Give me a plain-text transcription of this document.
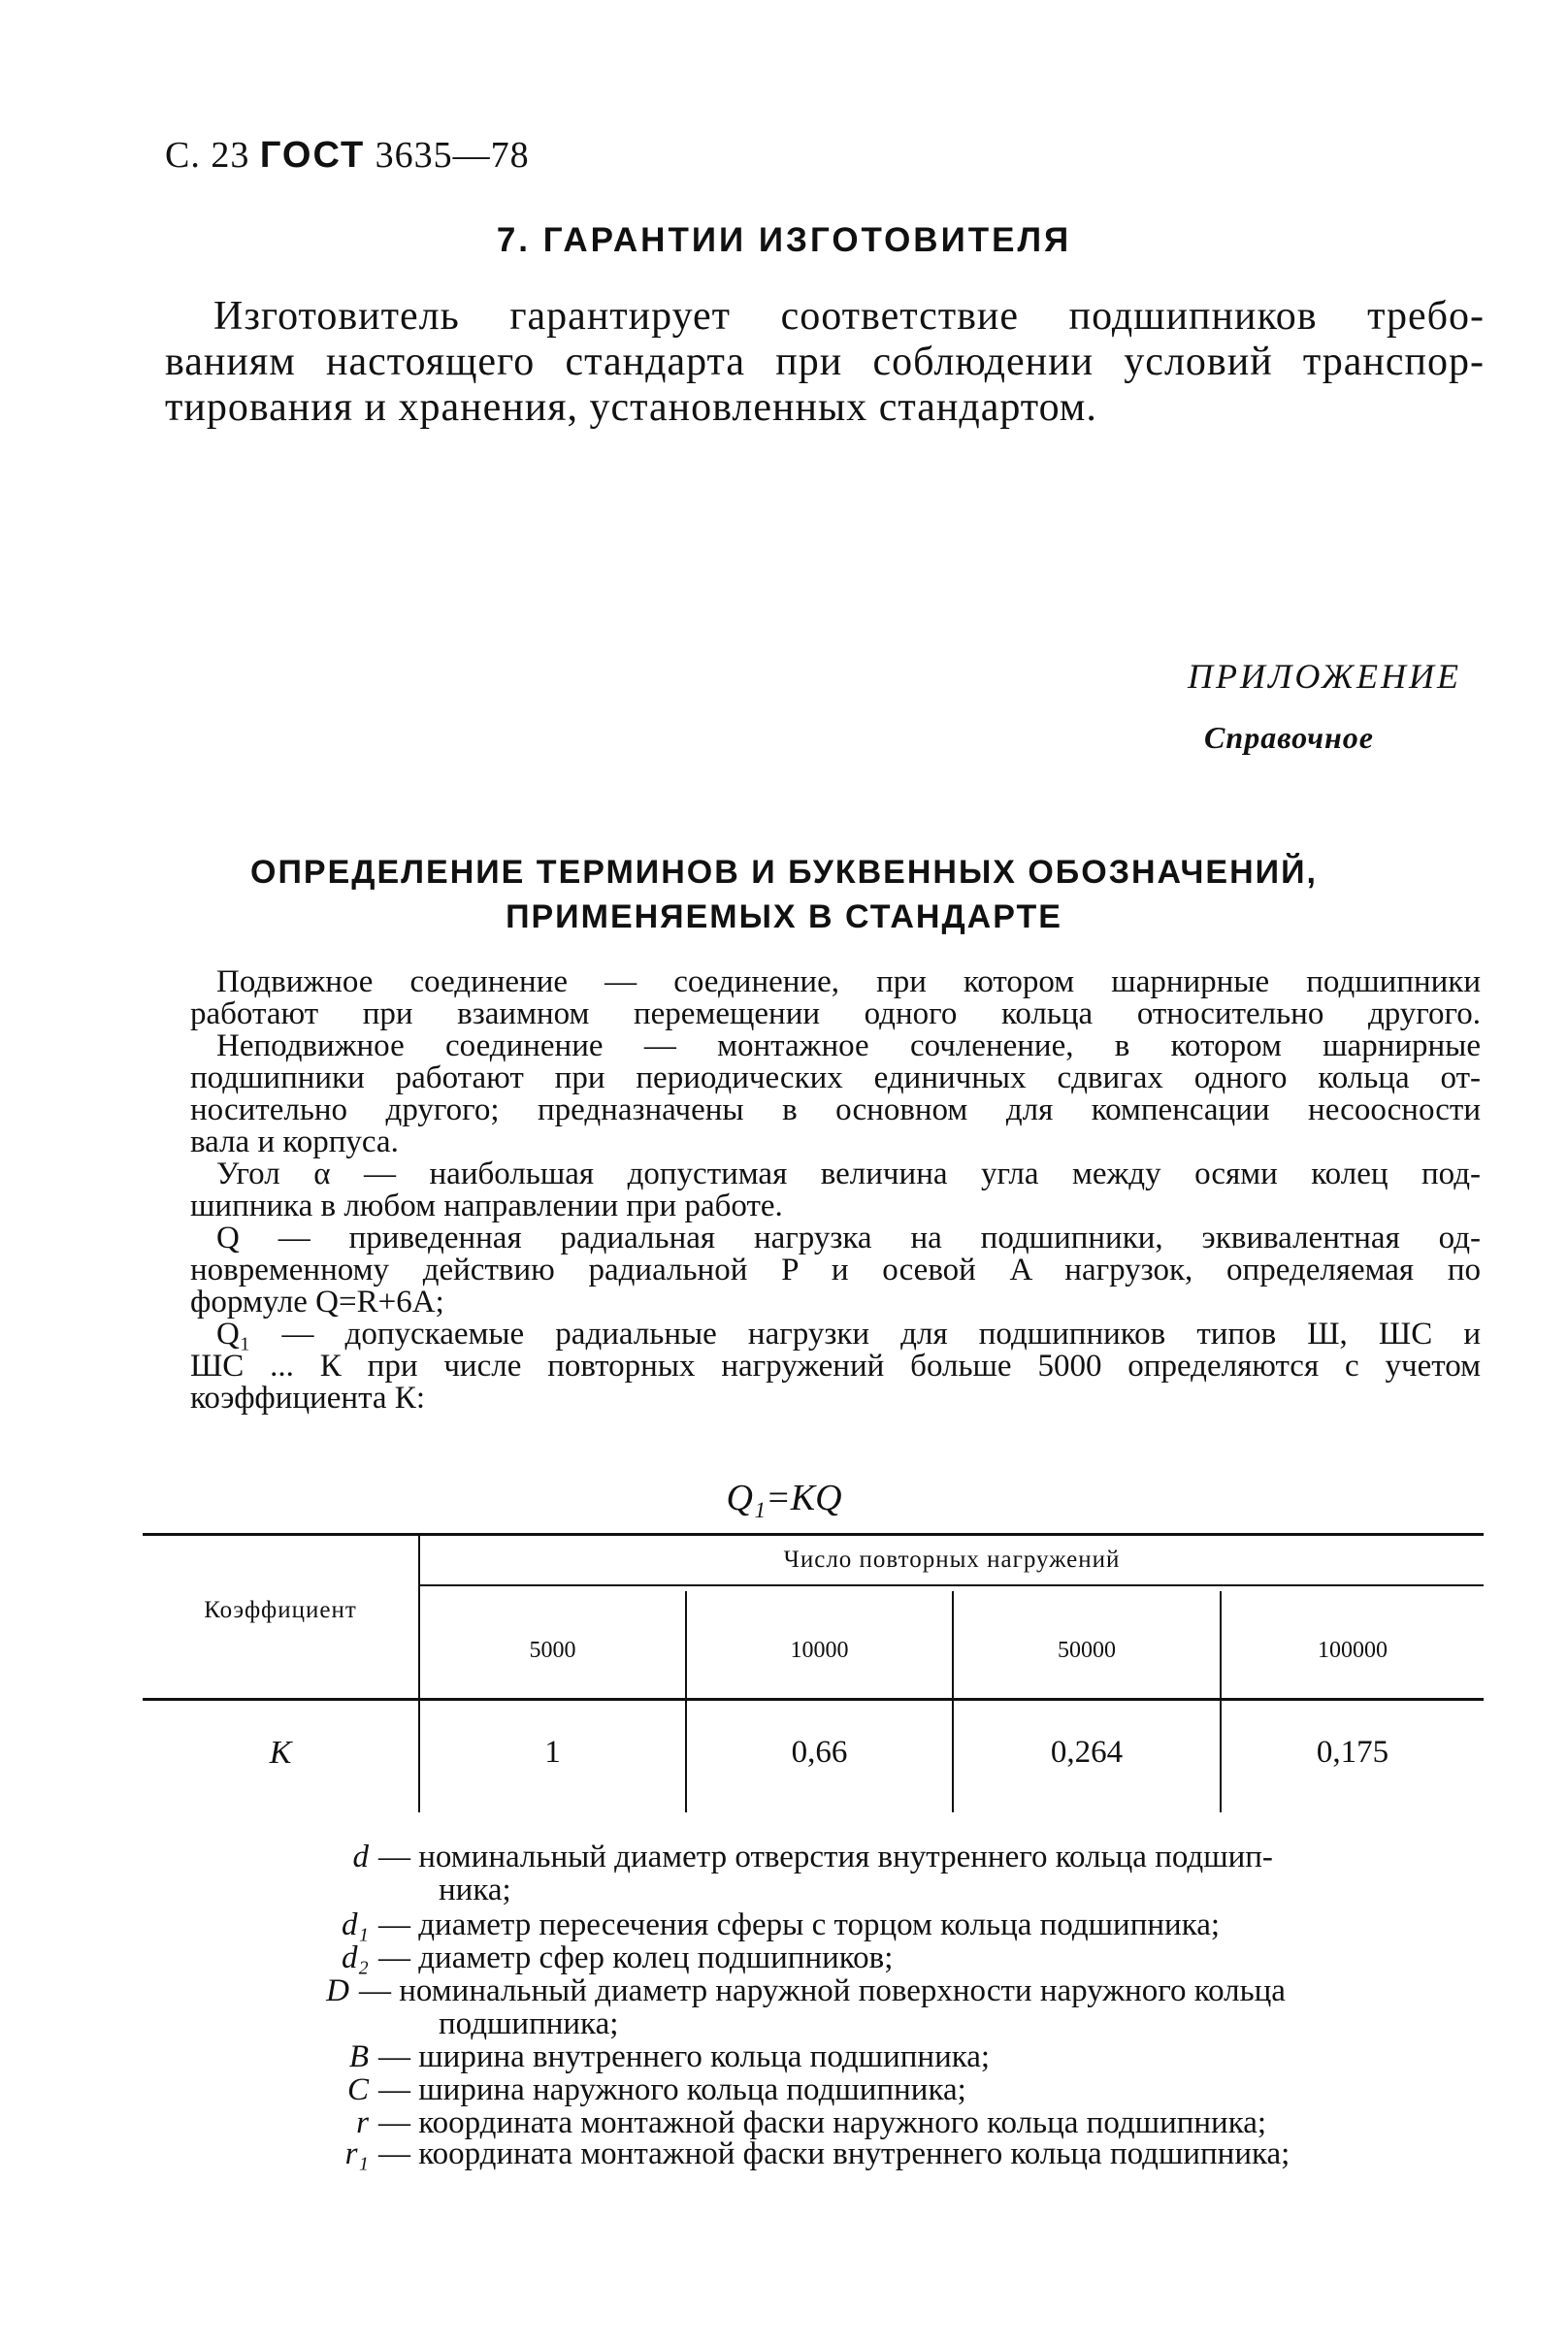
С. 23 ГОСТ 3635—78
7. ГАРАНТИИ ИЗГОТОВИТЕЛЯ
Изготовитель гарантирует соответствие подшипников требо-
ваниям настоящего стандарта при соблюдении условий транспор-
тирования и хранения, установленных стандартом.
ПРИЛОЖЕНИЕ
Справочное
ОПРЕДЕЛЕНИЕ ТЕРМИНОВ И БУКВЕННЫХ ОБОЗНАЧЕНИЙ,
ПРИМЕНЯЕМЫХ В СТАНДАРТЕ
Подвижное соединение — соединение, при котором шарнирные подшипники
работают при взаимном перемещении одного кольца относительно другого.
Неподвижное соединение — монтажное сочленение, в котором шарнирные
подшипники работают при периодических единичных сдвигах одного кольца от-
носительно другого; предназначены в основном для компенсации несоосности
вала и корпуса.
Угол α — наибольшая допустимая величина угла между осями колец под-
шипника в любом направлении при работе.
Q — приведенная радиальная нагрузка на подшипники, эквивалентная од-
новременному действию радиальной P и осевой A нагрузок, определяемая по
формуле Q=R+6A;
Q₁ — допускаемые радиальные нагрузки для подшипников типов Ш, ШС и
ШС ... К при числе повторных нагружений больше 5000 определяются с учетом
коэффициента К:
Q₁=KQ
Коэффициент
Число повторных нагружений
5000	10000	50000	100000
К	1	0,66	0,264	0,175
d — номинальный диаметр отверстия внутреннего кольца подшип-
ника;
d₁ — диаметр пересечения сферы с торцом кольца подшипника;
d₂ — диаметр сфер колец подшипников;
D — номинальный диаметр наружной поверхности наружного кольца
подшипника;
B — ширина внутреннего кольца подшипника;
C — ширина наружного кольца подшипника;
r — координата монтажной фаски наружного кольца подшипника;
r₁ — координата монтажной фаски внутреннего кольца подшипника;
